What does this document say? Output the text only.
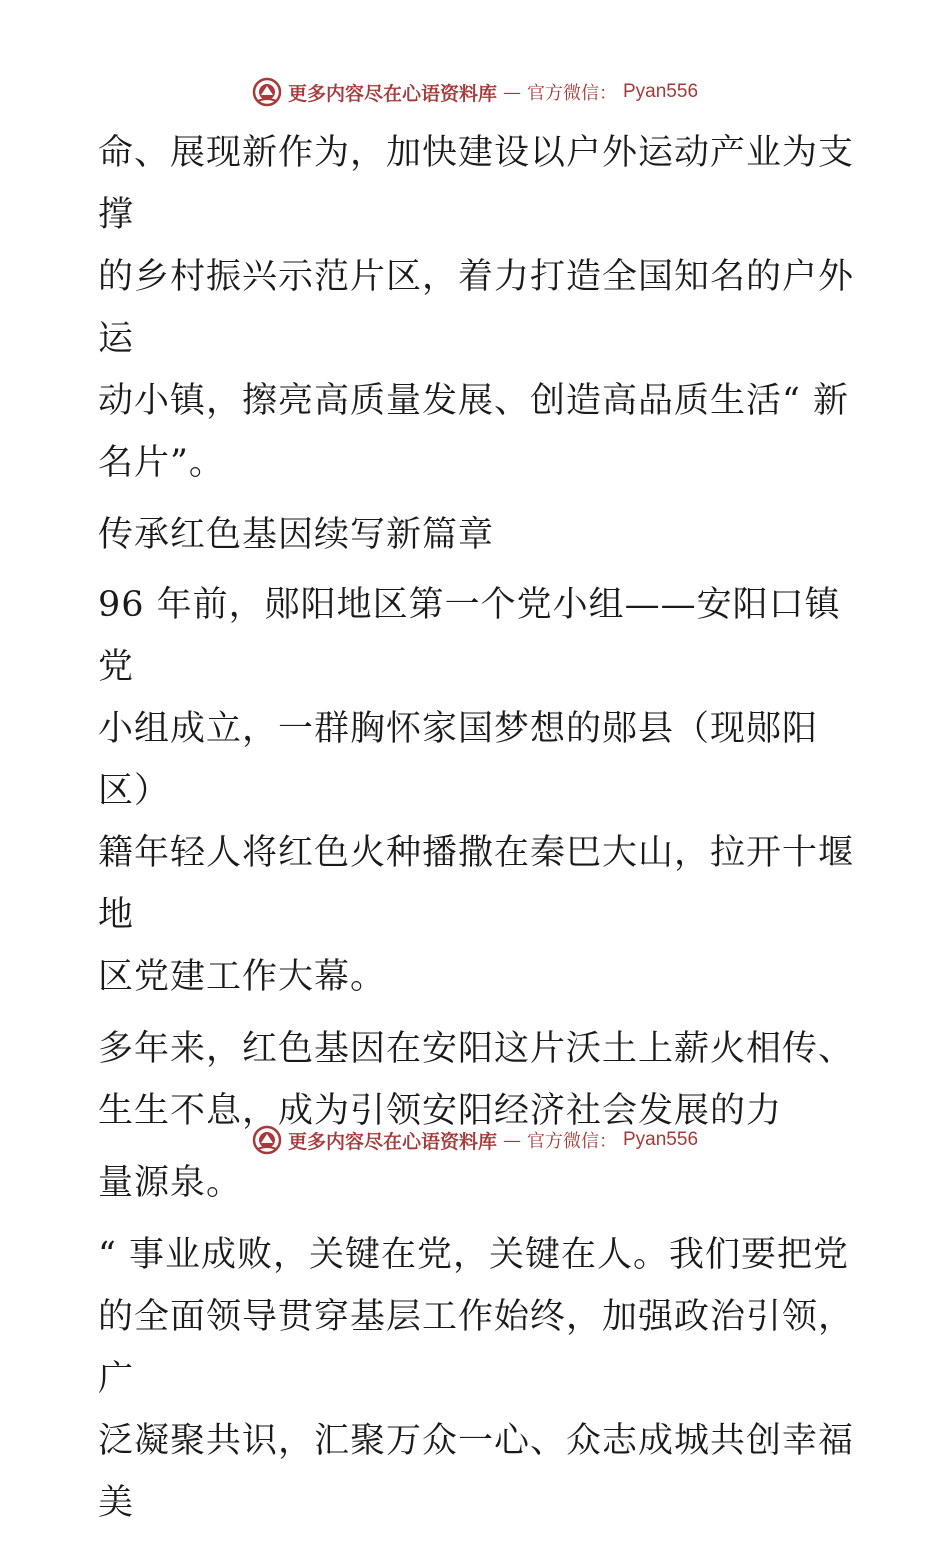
更多内容尽在心语资料库 — 官方微信： Pyan556

命、展现新作为，加快建设以户外运动产业为支撑
的乡村振兴示范片区，着力打造全国知名的户外运
动小镇，擦亮高质量发展、创造高品质生活“ 新
名片”。

传承红色基因续写新篇章

96 年前，郧阳地区第一个党小组——安阳口镇党
小组成立，一群胸怀家国梦想的郧县（现郧阳区）
籍年轻人将红色火种播撒在秦巴大山，拉开十堰地
区党建工作大幕。

多年来，红色基因在安阳这片沃土上薪火相传、
生生不息，成为引领安阳经济社会发展的力

量源泉。

“ 事业成败，关键在党，关键在人。我们要把党
的全面领导贯穿基层工作始终，加强政治引领，广
泛凝聚共识，汇聚万众一心、众志成城共创幸福美

更多内容尽在心语资料库 — 官方微信： Pyan556
